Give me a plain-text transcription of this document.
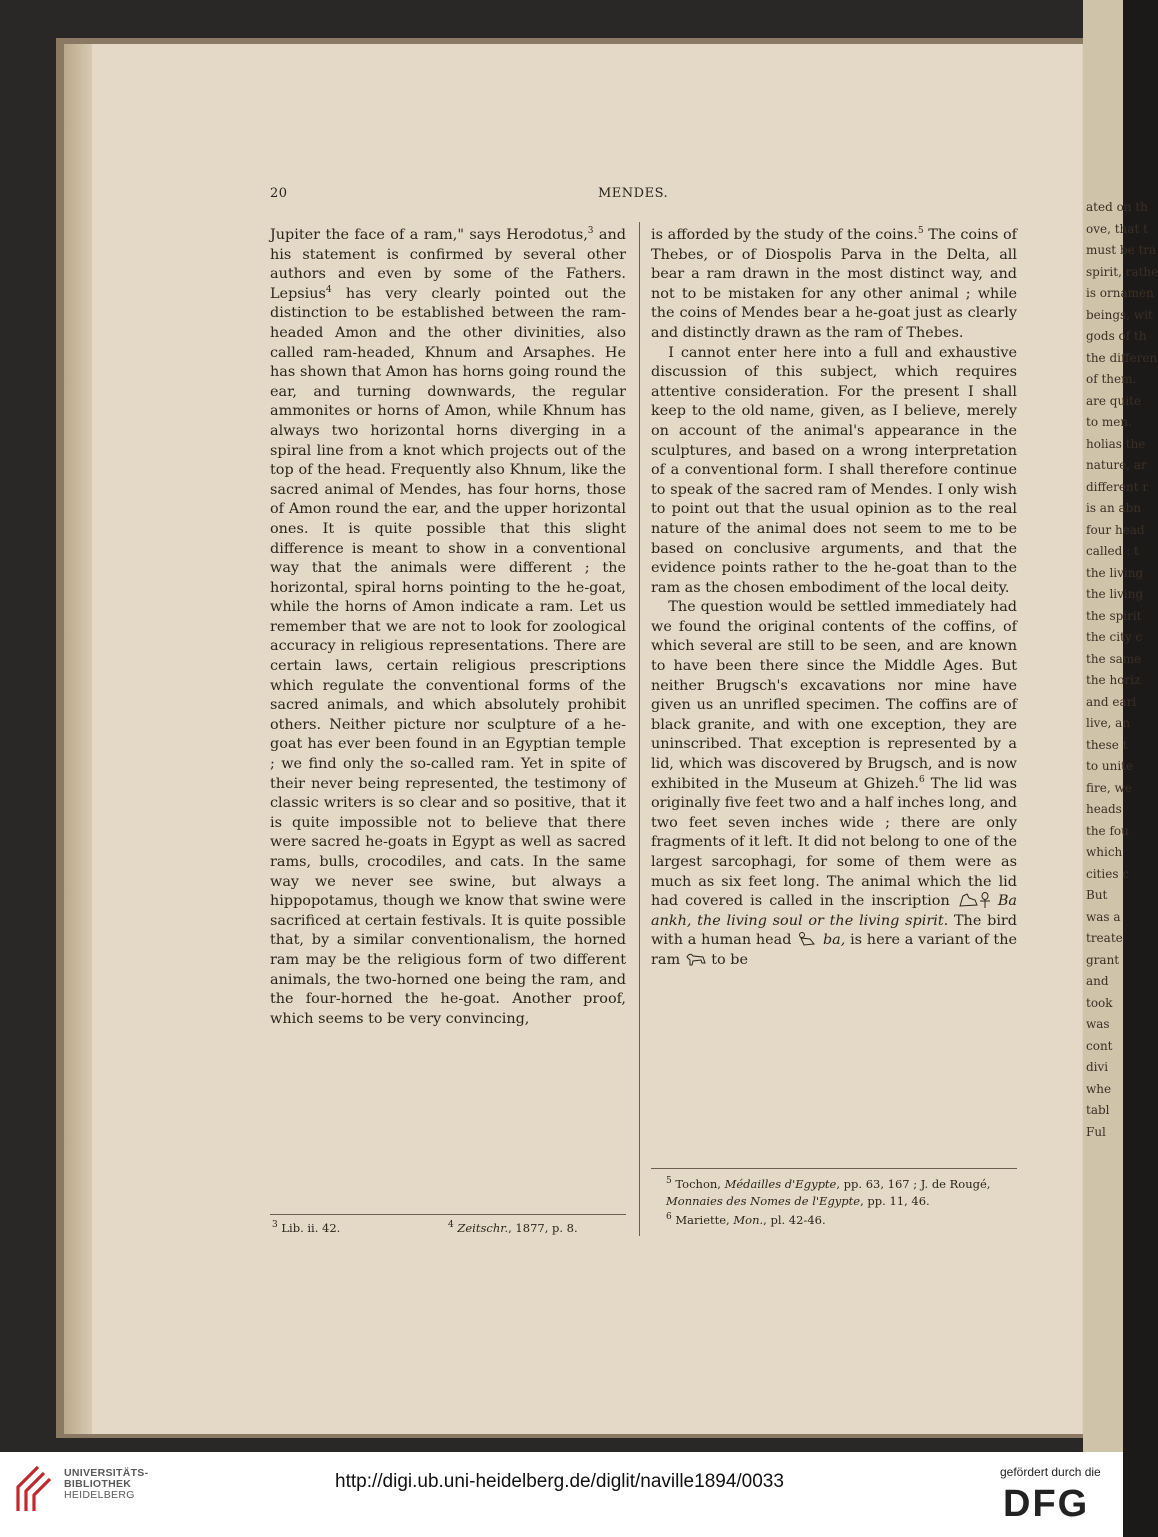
ated on th
ove, that t
must be tra
spirit, rathe
is ornamen
beings, wit
gods of th
the differen
of them.
are quite
to men.
holias the
nature, ar
different r
is an abn
four head
called : t
the living
the living
the spirit
the city c
the same
the horiz
and earl
live, an
these t
to unite
fire, we
heads
the fou
which
cities c
But
was a
treate
grant
and
took
was
cont
divi
whe
tabl
Ful
20	MENDES.

Jupiter the face of a ram," says Herodotus,$^3$ and his statement is confirmed by several other authors and even by some of the Fathers. Lepsius$^4$ has very clearly pointed out the distinction to be established between the ram-headed Amon and the other divinities, also called ram-headed, Khnum and Arsaphes. He has shown that Amon has horns going round the ear, and turning downwards, the regular ammonites or horns of Amon, while Khnum has always two horizontal horns diverging in a spiral line from a knot which projects out of the top of the head. Frequently also Khnum, like the sacred animal of Mendes, has four horns, those of Amon round the ear, and the upper horizontal ones. It is quite possible that this slight difference is meant to show in a conventional way that the animals were different ; the horizontal, spiral horns pointing to the he-goat, while the horns of Amon indicate a ram. Let us remember that we are not to look for zoological accuracy in religious representations. There are certain laws, certain religious prescriptions which regulate the conventional forms of the sacred animals, and which absolutely prohibit others. Neither picture nor sculpture of a he-goat has ever been found in an Egyptian temple ; we find only the so-called ram. Yet in spite of their never being represented, the testimony of classic writers is so clear and so positive, that it is quite impossible not to believe that there were sacred he-goats in Egypt as well as sacred rams, bulls, crocodiles, and cats. In the same way we never see swine, but always a hippopotamus, though we know that swine were sacrificed at certain festivals. It is quite possible that, by a similar conventionalism, the horned ram may be the religious form of two different animals, the two-horned one being the ram, and the four-horned the he-goat. Another proof, which seems to be very convincing,

$^3$ Lib. ii. 42.	$^4$ Zeitschr., 1877, p. 8.

is afforded by the study of the coins.$^5$ The coins of Thebes, or of Diospolis Parva in the Delta, all bear a ram drawn in the most distinct way, and not to be mistaken for any other animal ; while the coins of Mendes bear a he-goat just as clearly and distinctly drawn as the ram of Thebes.

I cannot enter here into a full and exhaustive discussion of this subject, which requires attentive consideration. For the present I shall keep to the old name, given, as I believe, merely on account of the animal's appearance in the sculptures, and based on a wrong interpretation of a conventional form. I shall therefore continue to speak of the sacred ram of Mendes. I only wish to point out that the usual opinion as to the real nature of the animal does not seem to me to be based on conclusive arguments, and that the evidence points rather to the he-goat than to the ram as the chosen embodiment of the local deity.

The question would be settled immediately had we found the original contents of the coffins, of which several are still to be seen, and are known to have been there since the Middle Ages. But neither Brugsch's excavations nor mine have given us an unrifled specimen. The coffins are of black granite, and with one exception, they are uninscribed. That exception is represented by a lid, which was discovered by Brugsch, and is now exhibited in the Museum at Ghizeh.$^6$ The lid was originally five feet two and a half inches long, and two feet seven inches wide ; there are only fragments of it left. It did not belong to one of the largest sarcophagi, for some of them were as much as six feet long. The animal which the lid had covered is called in the inscription  Ba ankh, the living soul or the living spirit. The bird with a human head  ba, is here a variant of the ram  to be

$^5$ Tochon, Médailles d'Egypte, pp. 63, 167 ; J. de Rougé, Monnaies des Nomes de l'Egypte, pp. 11, 46.
$^6$ Mariette, Mon., pl. 42-46.
UNIVERSITÄTS-
BIBLIOTHEK
HEIDELBERG
http://digi.ub.uni-heidelberg.de/diglit/naville1894/0033	gefördert durch die
DFG
